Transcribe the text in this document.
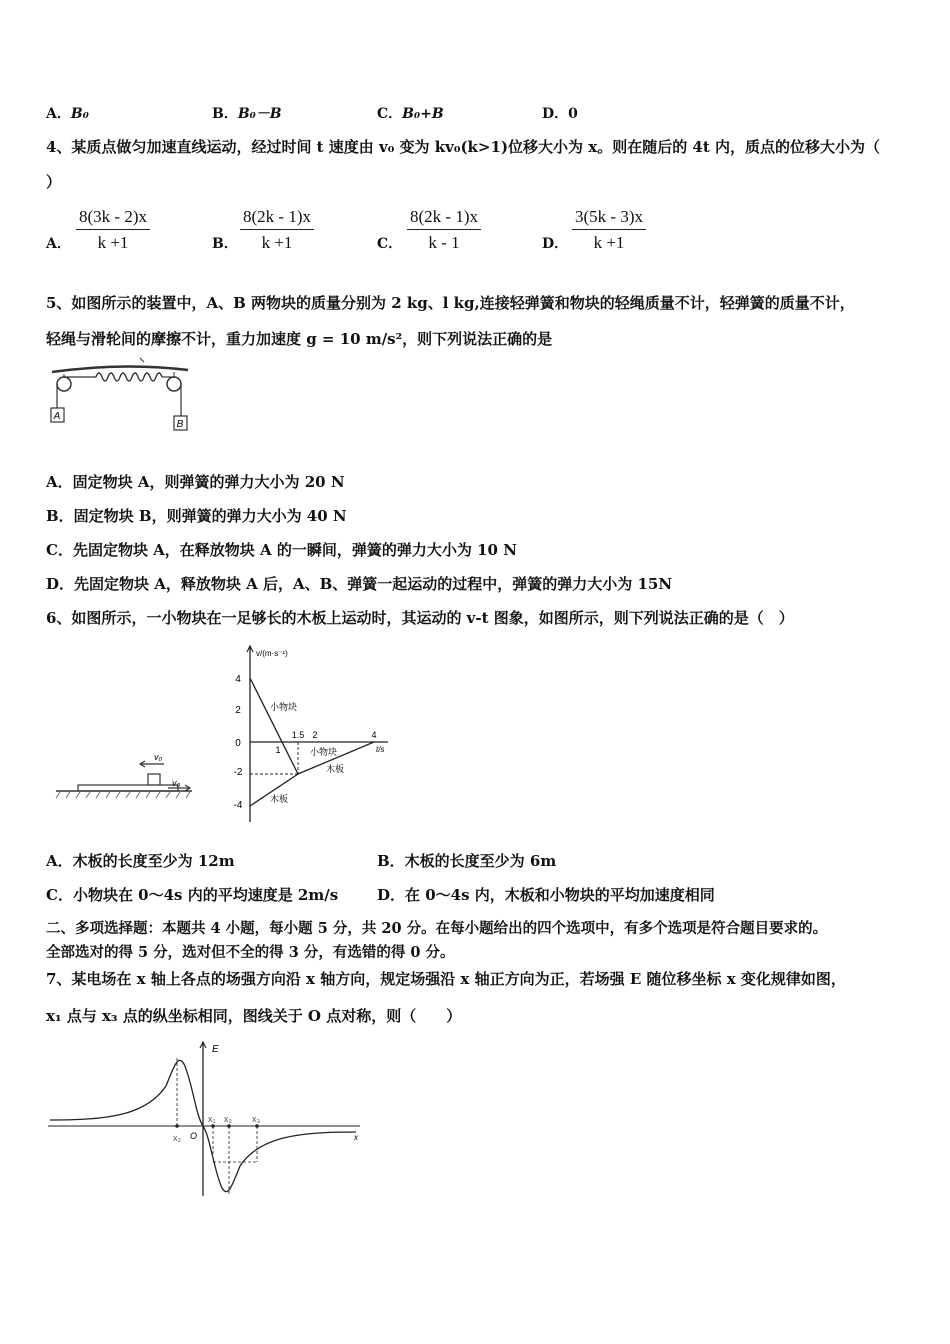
A．B₀	B．B₀－B	C．B₀+B	D．0
4、某质点做匀加速直线运动，经过时间 t 速度由 v₀ 变为 kv₀(k>1)位移大小为 x。则在随后的 4t 内，质点的位移大小为（
）
A． $\frac{8(3k - 2)x}{k +1}$	B． $\frac{8(2k - 1)x}{k +1}$	C． $\frac{8(2k - 1)x}{k - 1}$	D． $\frac{3(5k - 3)x}{k +1}$
5、如图所示的装置中，A、B 两物块的质量分别为 2 kg、l kg,连接轻弹簧和物块的轻绳质量不计，轻弹簧的质量不计，
轻绳与滑轮间的摩擦不计，重力加速度 g = 10 m/s²，则下列说法正确的是
A
B
A．固定物块 A，则弹簧的弹力大小为 20 N
B．固定物块 B，则弹簧的弹力大小为 40 N
C．先固定物块 A，在释放物块 A 的一瞬间，弹簧的弹力大小为 10 N
D．先固定物块 A，释放物块 A 后，A、B、弹簧一起运动的过程中，弹簧的弹力大小为 15N
6、如图所示，一小物块在一足够长的木板上运动时，其运动的 v-t 图象，如图所示，则下列说法正确的是（　）
v₀
v₀
v/(m·s⁻¹)
t/s
4
2
0
-2
-4
1
1.5 2	4
小物块
小物块
木板
木板
A．木板的长度至少为 12m	B．木板的长度至少为 6m
C．小物块在 0～4s 内的平均速度是 2m/s	D．在 0～4s 内，木板和小物块的平均加速度相同
二、多项选择题：本题共 4 小题，每小题 5 分，共 20 分。在每小题给出的四个选项中，有多个选项是符合题目要求的。
全部选对的得 5 分，选对但不全的得 3 分，有选错的得 0 分。
7、某电场在 x 轴上各点的场强方向沿 x 轴方向，规定场强沿 x 轴正方向为正，若场强 E 随位移坐标 x 变化规律如图，
x₁ 点与 x₃ 点的纵坐标相同，图线关于 O 点对称，则（　　）
E
x
x₂ O
x₁ x₂ x₃
